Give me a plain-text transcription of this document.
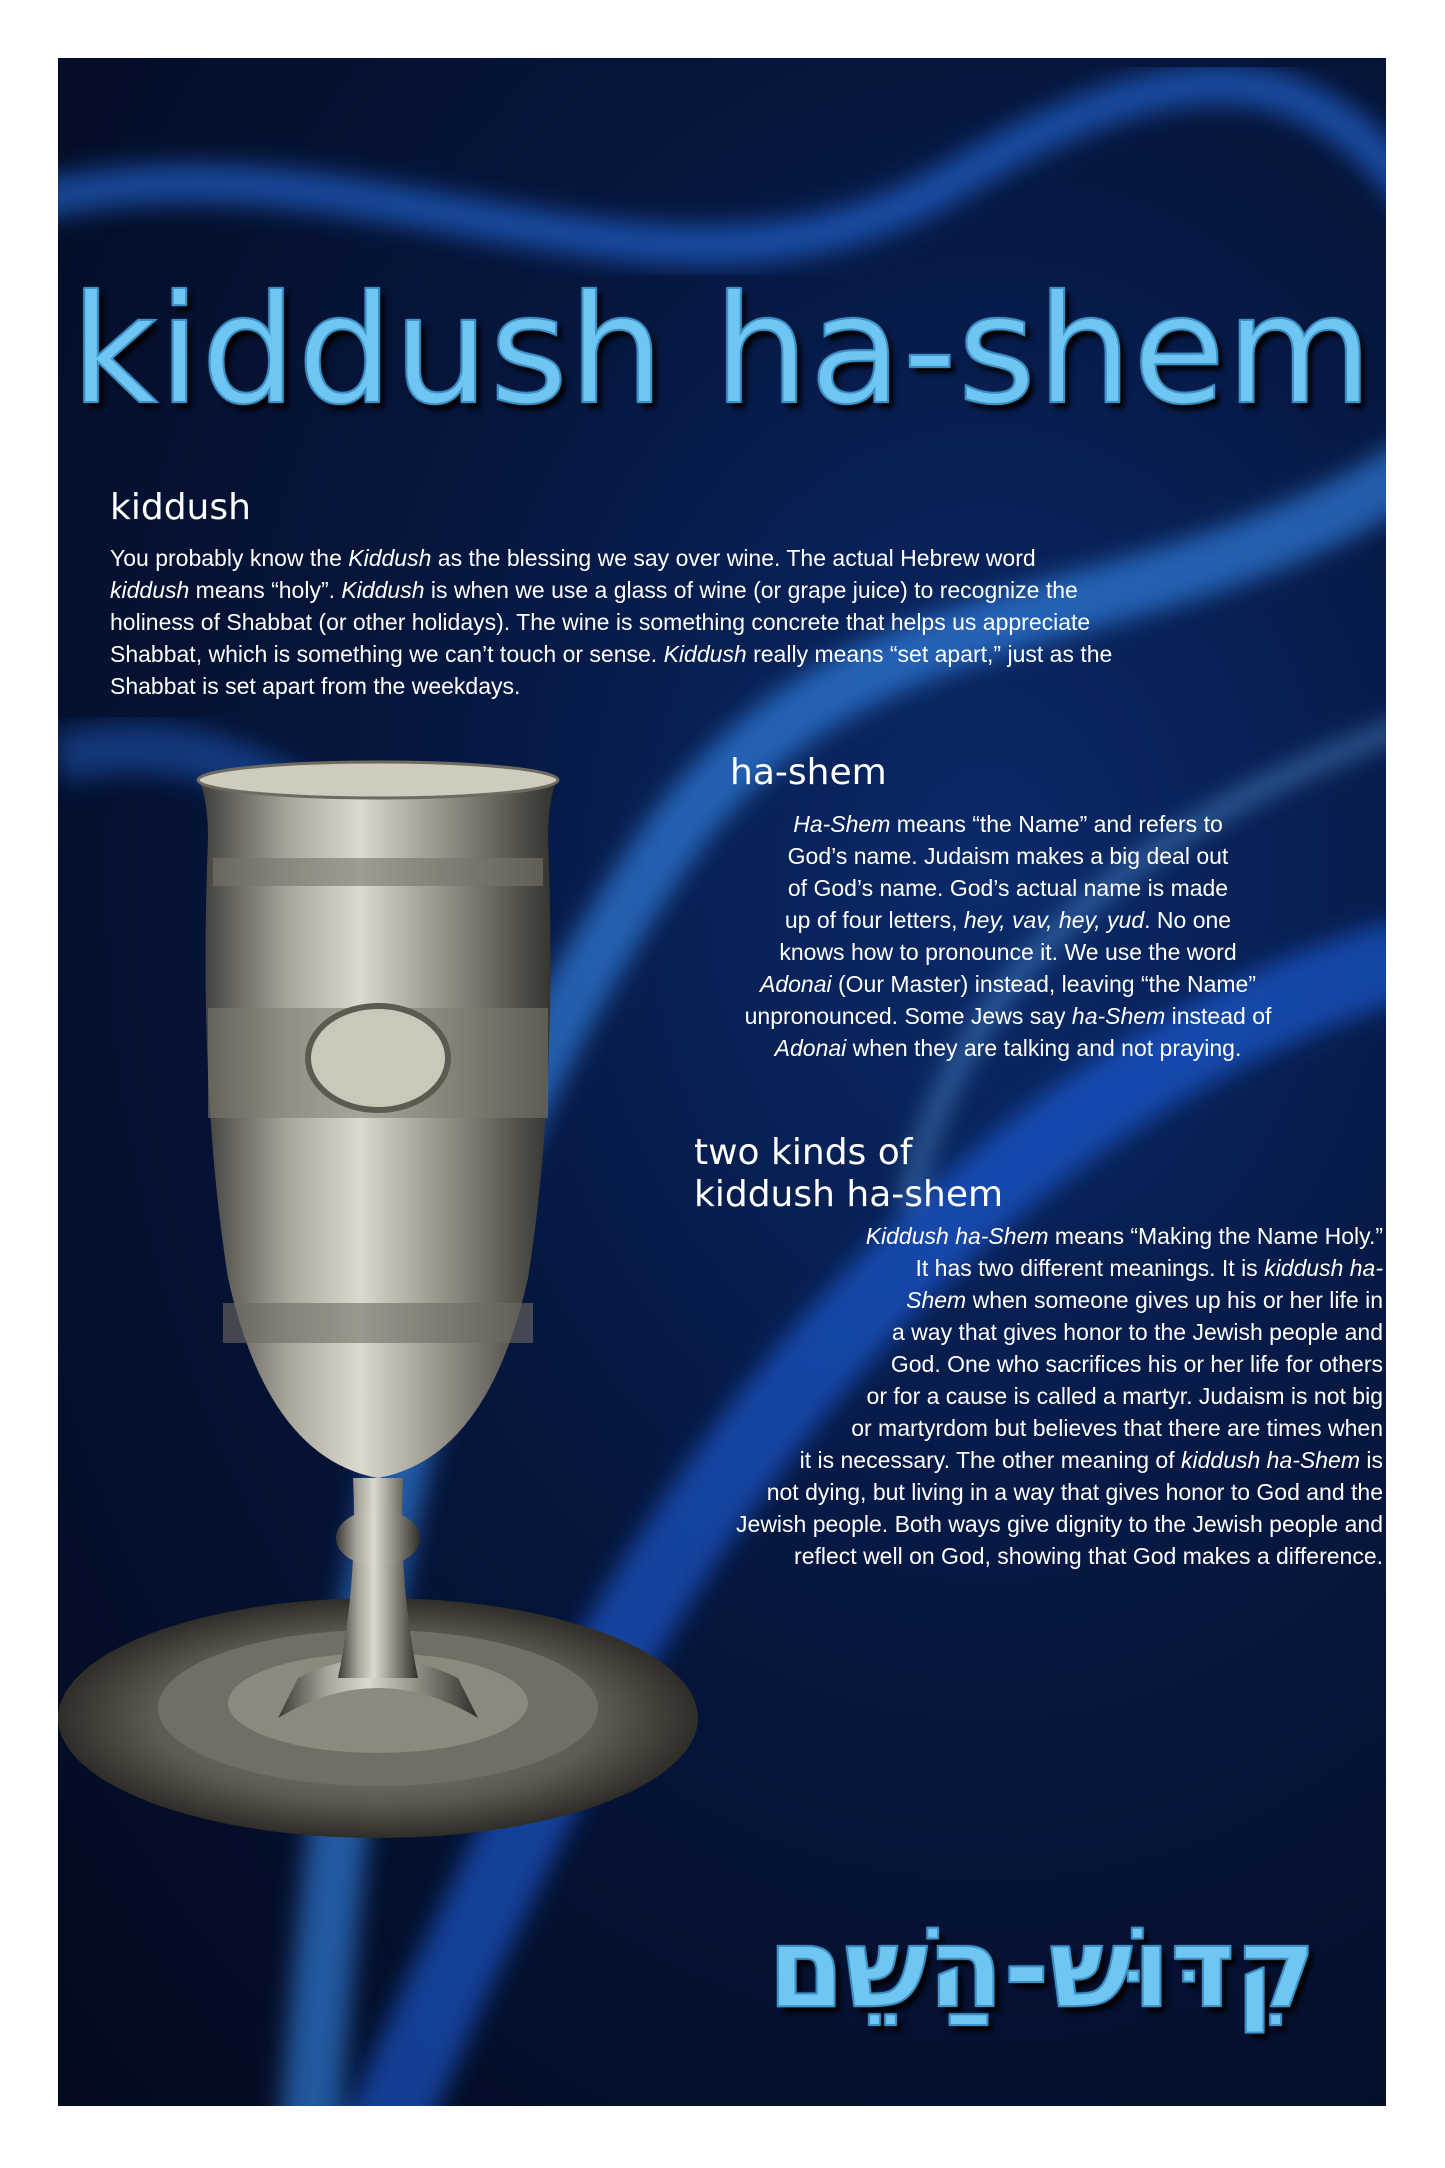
kiddush ha-shem
kiddush
You probably know the Kiddush as the blessing we say over wine. The actual Hebrew word
kiddush means “holy”. Kiddush is when we use a glass of wine (or grape juice) to recognize the
holiness of Shabbat (or other holidays). The wine is something concrete that helps us appreciate
Shabbat, which is something we can’t touch or sense. Kiddush really means “set apart,” just as the
Shabbat is set apart from the weekdays.
ha-shem
Ha-Shem means “the Name” and refers to
God’s name. Judaism makes a big deal out
of God’s name. God’s actual name is made
up of four letters, hey, vav, hey, yud. No one
knows how to pronounce it. We use the word
Adonai (Our Master) instead, leaving “the Name”
unpronounced. Some Jews say ha-Shem instead of
Adonai when they are talking and not praying.
two kinds of
kiddush ha-shem
Kiddush ha-Shem means “Making the Name Holy.”
It has two different meanings. It is kiddush ha-
Shem when someone gives up his or her life in
a way that gives honor to the Jewish people and
God. One who sacrifices his or her life for others
or for a cause is called a martyr. Judaism is not big
or martyrdom but believes that there are times when
it is necessary. The other meaning of kiddush ha-Shem is
not dying, but living in a way that gives honor to God and the
Jewish people. Both ways give dignity to the Jewish people and
reflect well on God, showing that God makes a difference.
קִדּוּשׁ-הַשֵׁם
